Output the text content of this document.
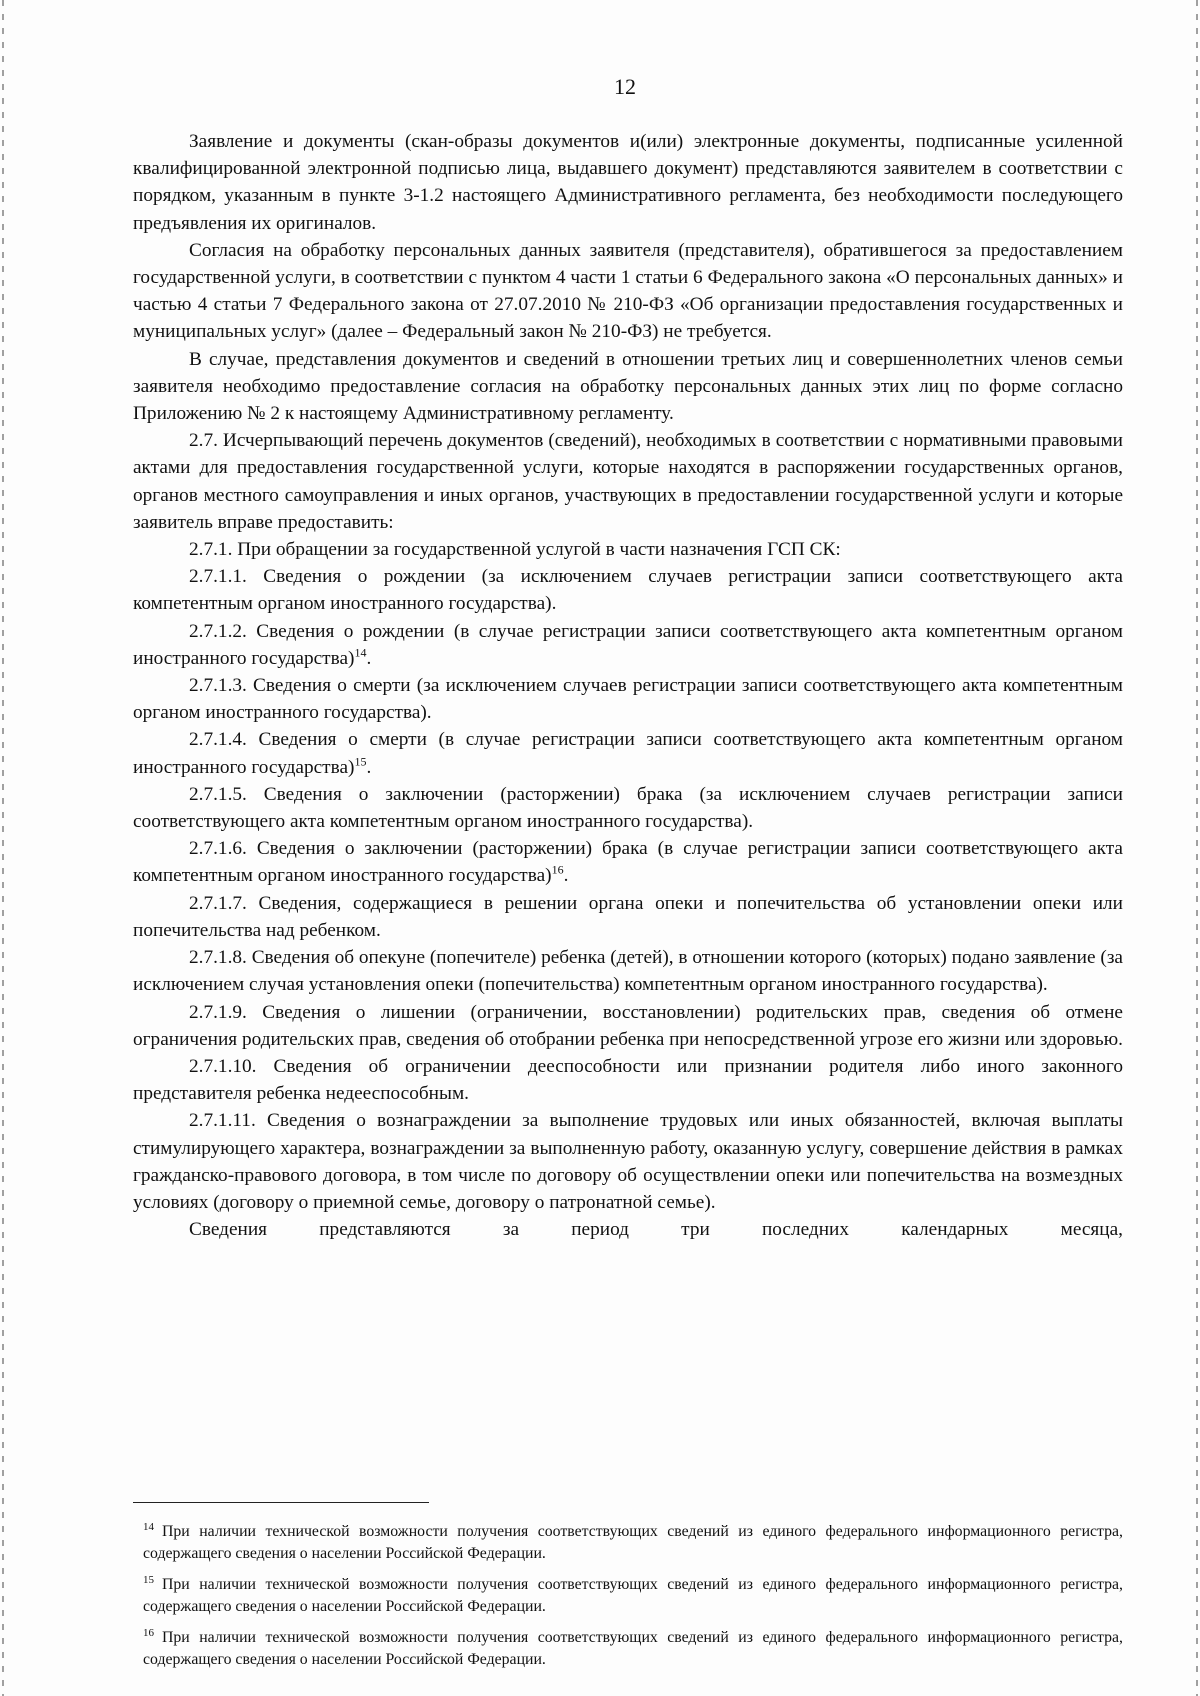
12

Заявление и документы (скан-образы документов и(или) электронные документы, подписанные усиленной квалифицированной электронной подписью лица, выдавшего документ) представляются заявителем в соответствии с порядком, указанным в пункте 3-1.2 настоящего Административного регламента, без необходимости последующего предъявления их оригиналов.

Согласия на обработку персональных данных заявителя (представителя), обратившегося за предоставлением государственной услуги, в соответствии с пунктом 4 части 1 статьи 6 Федерального закона «О персональных данных» и частью 4 статьи 7 Федерального закона от 27.07.2010 № 210-ФЗ «Об организации предоставления государственных и муниципальных услуг» (далее – Федеральный закон № 210-ФЗ) не требуется.

В случае, представления документов и сведений в отношении третьих лиц и совершеннолетних членов семьи заявителя необходимо предоставление согласия на обработку персональных данных этих лиц по форме согласно Приложению № 2 к настоящему Административному регламенту.

2.7. Исчерпывающий перечень документов (сведений), необходимых в соответствии с нормативными правовыми актами для предоставления государственной услуги, которые находятся в распоряжении государственных органов, органов местного самоуправления и иных органов, участвующих в предоставлении государственной услуги и которые заявитель вправе предоставить:

2.7.1. При обращении за государственной услугой в части назначения ГСП СК:

2.7.1.1. Сведения о рождении (за исключением случаев регистрации записи соответствующего акта компетентным органом иностранного государства).

2.7.1.2. Сведения о рождении (в случае регистрации записи соответствующего акта компетентным органом иностранного государства)$^{14}$.

2.7.1.3. Сведения о смерти (за исключением случаев регистрации записи соответствующего акта компетентным органом иностранного государства).

2.7.1.4. Сведения о смерти (в случае регистрации записи соответствующего акта компетентным органом иностранного государства)$^{15}$.

2.7.1.5. Сведения о заключении (расторжении) брака (за исключением случаев регистрации записи соответствующего акта компетентным органом иностранного государства).

2.7.1.6. Сведения о заключении (расторжении) брака (в случае регистрации записи соответствующего акта компетентным органом иностранного государства)$^{16}$.

2.7.1.7. Сведения, содержащиеся в решении органа опеки и попечительства об установлении опеки или попечительства над ребенком.

2.7.1.8. Сведения об опекуне (попечителе) ребенка (детей), в отношении которого (которых) подано заявление (за исключением случая установления опеки (попечительства) компетентным органом иностранного государства).

2.7.1.9. Сведения о лишении (ограничении, восстановлении) родительских прав, сведения об отмене ограничения родительских прав, сведения об отобрании ребенка при непосредственной угрозе его жизни или здоровью.

2.7.1.10. Сведения об ограничении дееспособности или признании родителя либо иного законного представителя ребенка недееспособным.

2.7.1.11. Сведения о вознаграждении за выполнение трудовых или иных обязанностей, включая выплаты стимулирующего характера, вознаграждении за выполненную работу, оказанную услугу, совершение действия в рамках гражданско-правового договора, в том числе по договору об осуществлении опеки или попечительства на возмездных условиях (договору о приемной семье, договору о патронатной семье).

Сведения представляются за период три последних календарных месяца,

$^{14}$ При наличии технической возможности получения соответствующих сведений из единого федерального информационного регистра, содержащего сведения о населении Российской Федерации.

$^{15}$ При наличии технической возможности получения соответствующих сведений из единого федерального информационного регистра, содержащего сведения о населении Российской Федерации.

$^{16}$ При наличии технической возможности получения соответствующих сведений из единого федерального информационного регистра, содержащего сведения о населении Российской Федерации.
